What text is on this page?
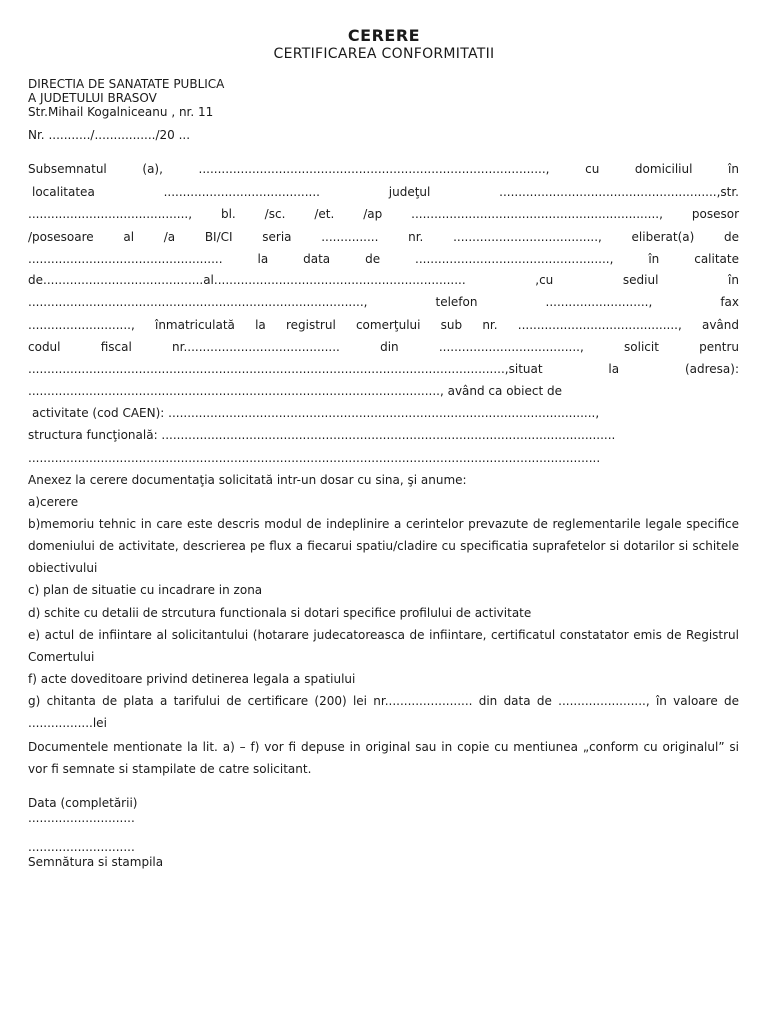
CERERE
CERTIFICAREA CONFORMITATII
DIRECTIA DE SANATATE PUBLICA
A JUDETULUI BRASOV
Str.Mihail Kogalniceanu , nr. 11
Nr. .........../................/20 ...
Subsemnatul (a), ..........................................................................................., cu domiciliul în
localitatea ......................................... judeţul .........................................................,str.
.........................................., bl. /sc. /et. /ap ................................................................., posesor
/posesoare al /a BI/CI seria ............... nr. ......................................, eliberat(a) de
................................................... la data de ..................................................., în calitate
de..........................................al.................................................................. ,cu sediul în
........................................................................................, telefon ..........................., fax
..........................., înmatriculată la registrul comerţului sub nr. .........................................., având
codul fiscal nr......................................... din ....................................., solicit pentru
.............................................................................................................................,situat la (adresa):
............................................................................................................, având ca obiect de
activitate (cod CAEN): ................................................................................................................,
structura funcţională: .......................................................................................................................
......................................................................................................................................................
Anexez la cerere documentaţia solicitată intr-un dosar cu sina, şi anume:
a)cerere
b)memoriu tehnic in care este descris modul de indeplinire a cerintelor prevazute de reglementarile legale specifice domeniului de activitate, descrierea pe flux a fiecarui spatiu/cladire cu specificatia suprafetelor si dotarilor si schitele obiectivului
c) plan de situatie cu incadrare in zona
d) schite cu detalii de strcutura functionala si dotari specifice profilului de activitate
e) actul de infiintare al solicitantului (hotarare judecatoreasca de infiintare, certificatul constatator emis de Registrul Comertului
f) acte doveditoare privind detinerea legala a spatiului
g) chitanta de plata a tarifului de certificare (200) lei nr....................... din data de ......................., în valoare de .................lei
Documentele mentionate la lit. a) – f) vor fi depuse in original sau in copie cu mentiunea „conform cu originalul” si vor fi semnate si stampilate de catre solicitant.
Data (completării)
............................
............................
Semnătura si stampila
